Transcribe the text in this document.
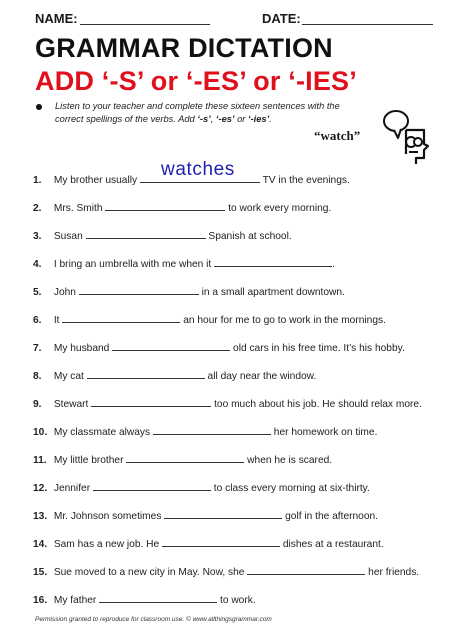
NAME:	DATE:
GRAMMAR DICTATION
ADD ‘-S’ or ‘-ES’ or ‘-IES’
Listen to your teacher and complete these sixteen sentences with the
correct spellings of the verbs. Add ‘-s’, ‘-es’ or ‘-ies’.
“watch”
watches
1. My brother usually	TV in the evenings.
2. Mrs. Smith	to work every morning.
3. Susan	Spanish at school.
4. I bring an umbrella with me when it	.
5. John	in a small apartment downtown.
6. It	an hour for me to go to work in the mornings.
7. My husband	old cars in his free time. It’s his hobby.
8. My cat	all day near the window.
9. Stewart	too much about his job. He should relax more.
10. My classmate always	her homework on time.
11. My little brother	when he is scared.
12. Jennifer	to class every morning at six-thirty.
13. Mr. Johnson sometimes	golf in the afternoon.
14. Sam has a new job. He	dishes at a restaurant.
15. Sue moved to a new city in May. Now, she	her friends.
16. My father	to work.
Permission granted to reproduce for classroom use. © www.allthingsgrammar.com
